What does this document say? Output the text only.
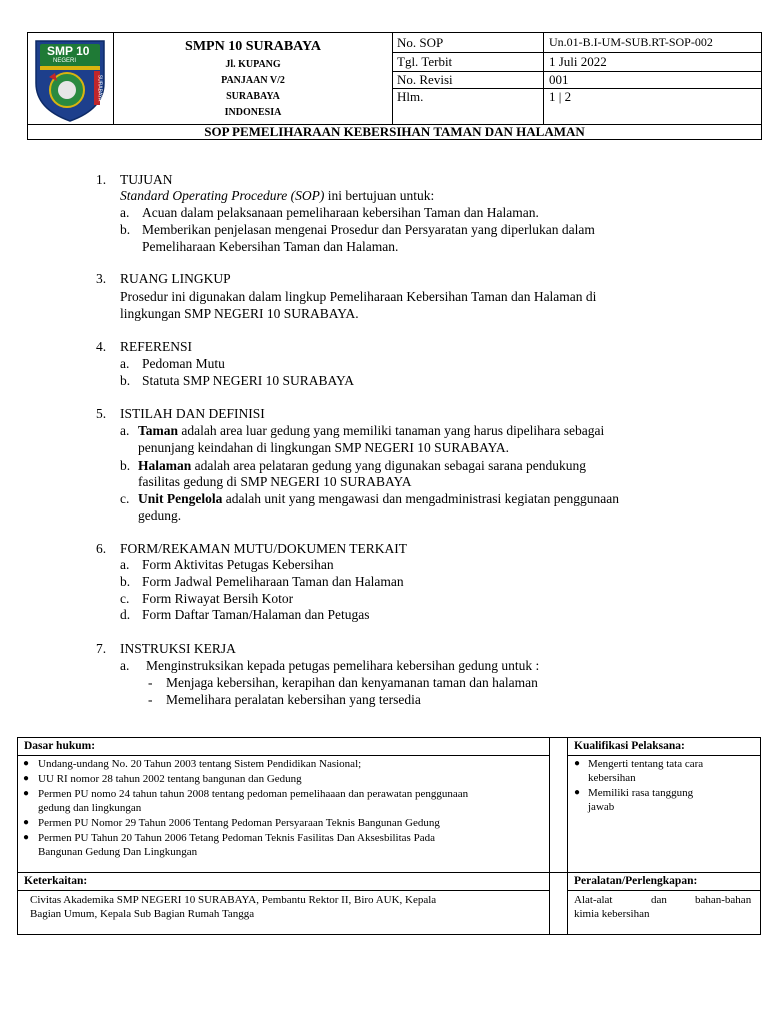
SMP 10
NEGERI
SURABAYA
SMPN 10 SURABAYA
Jl. KUPANG
PANJAAN V/2
SURABAYA
INDONESIA
No. SOP	Un.01-B.I-UM-SUB.RT-SOP-002
Tgl. Terbit	1 Juli 2022
No. Revisi	001
Hlm.	1 | 2
SOP PEMELIHARAAN KEBERSIHAN TAMAN DAN HALAMAN
1. TUJUAN
Standard Operating Procedure (SOP) ini bertujuan untuk:
a. Acuan dalam pelaksanaan pemeliharaan kebersihan Taman dan Halaman.
b. Memberikan penjelasan mengenai Prosedur dan Persyaratan yang diperlukan dalam
Pemeliharaan Kebersihan Taman dan Halaman.
3. RUANG LINGKUP
Prosedur ini digunakan dalam lingkup Pemeliharaan Kebersihan Taman dan Halaman di
lingkungan SMP NEGERI 10 SURABAYA.
4. REFERENSI
a. Pedoman Mutu
b. Statuta SMP NEGERI 10 SURABAYA
5. ISTILAH DAN DEFINISI
a. Taman adalah area luar gedung yang memiliki tanaman yang harus dipelihara sebagai
penunjang keindahan di lingkungan SMP NEGERI 10 SURABAYA.
b. Halaman adalah area pelataran gedung yang digunakan sebagai sarana pendukung
fasilitas gedung di SMP NEGERI 10 SURABAYA
c. Unit Pengelola adalah unit yang mengawasi dan mengadministrasi kegiatan penggunaan
gedung.
6. FORM/REKAMAN MUTU/DOKUMEN TERKAIT
a. Form Aktivitas Petugas Kebersihan
b. Form Jadwal Pemeliharaan Taman dan Halaman
c. Form Riwayat Bersih Kotor
d. Form Daftar Taman/Halaman dan Petugas
7. INSTRUKSI KERJA
a. Menginstruksikan kepada petugas pemelihara kebersihan gedung untuk :
- Menjaga kebersihan, kerapihan dan kenyamanan taman dan halaman
- Memelihara peralatan kebersihan yang tersedia
Dasar hukum:
● Undang-undang No. 20 Tahun 2003 tentang Sistem Pendidikan Nasional;
● UU RI nomor 28 tahun 2002 tentang bangunan dan Gedung
● Permen PU nomo 24 tahun tahun 2008 tentang pedoman pemelihaaan dan perawatan penggunaan
gedung dan lingkungan
● Permen PU Nomor 29 Tahun 2006 Tentang Pedoman Persyaraan Teknis Bangunan Gedung
● Permen PU Tahun 20 Tahun 2006 Tetang Pedoman Teknis Fasilitas Dan Aksesbilitas Pada
Bangunan Gedung Dan Lingkungan
Kualifikasi Pelaksana:
● Mengerti tentang tata cara
kebersihan
● Memiliki rasa tanggung
jawab
Keterkaitan:
Civitas Akademika SMP NEGERI 10 SURABAYA, Pembantu Rektor II, Biro AUK, Kepala
Bagian Umum, Kepala Sub Bagian Rumah Tangga
Peralatan/Perlengkapan:
Alat-alat	dan	bahan-bahan
kimia kebersihan
